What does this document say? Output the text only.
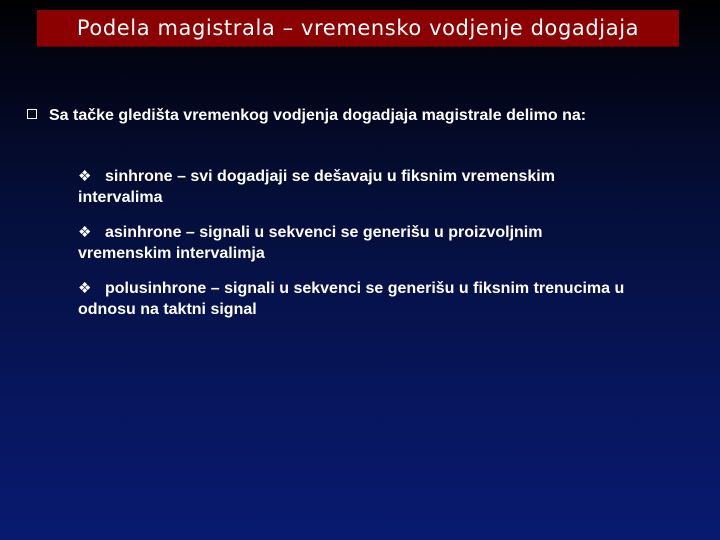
Podela magistrala – vremensko vodjenje dogadjaja
Sa tačke gledišta vremenkog vodjenja dogadjaja magistrale delimo na:
❖ sinhrone – svi dogadjaji se dešavaju u fiksnim vremenskim intervalima
❖ asinhrone – signali u sekvenci se generišu u proizvoljnim vremenskim intervalimja
❖ polusinhrone – signali u sekvenci se generišu u fiksnim trenucima u odnosu na taktni signal
